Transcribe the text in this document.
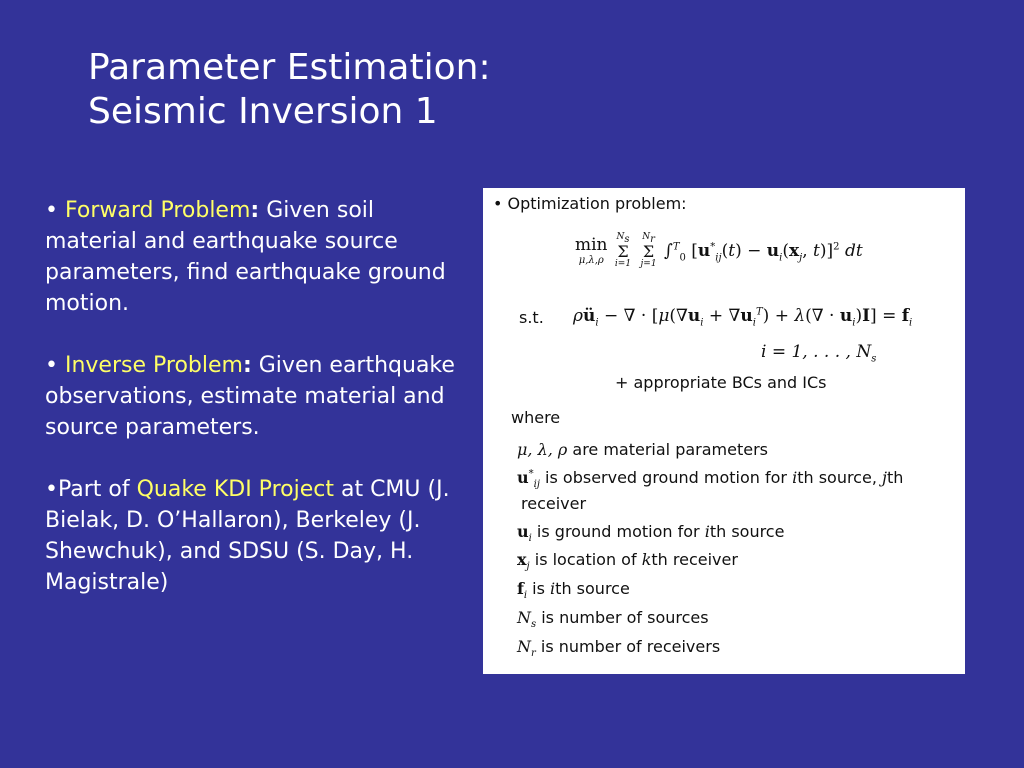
Parameter Estimation:
Seismic Inversion 1

• Forward Problem: Given soil material and earthquake source parameters, find earthquake ground motion.

• Inverse Problem: Given earthquake observations, estimate material and source parameters.

•Part of Quake KDI Project at CMU (J. Bielak, D. O’Hallaron), Berkeley (J. Shewchuk), and SDSU (S. Day, H. Magistrale)

• Optimization problem:
min
μ,λ,ρ

$N_s$
Σ
i=1

$N_r$
Σ
j=1
∫$^T_0$ [$u^*_{ij}(t) - u_i(x_j$, t)]$^2$ dt
s.t. $\rho ü_i$ − ∇ · $[\mu(\nabla u_i + \nabla u_i^T) + \lambda(\nabla \cdot u_i)I] = f_i$
i = 1, . . . , $N_s$
+ appropriate BCs and ICs
where
μ, λ, ρ are material parameters
$u^*_{ij}$ is observed ground motion for ith source, jth
receiver
$u_i$ is ground motion for ith source
$x_j$ is location of kth receiver
$f_i$ is ith source
$N_s$ is number of sources
$N_r$ is number of receivers
